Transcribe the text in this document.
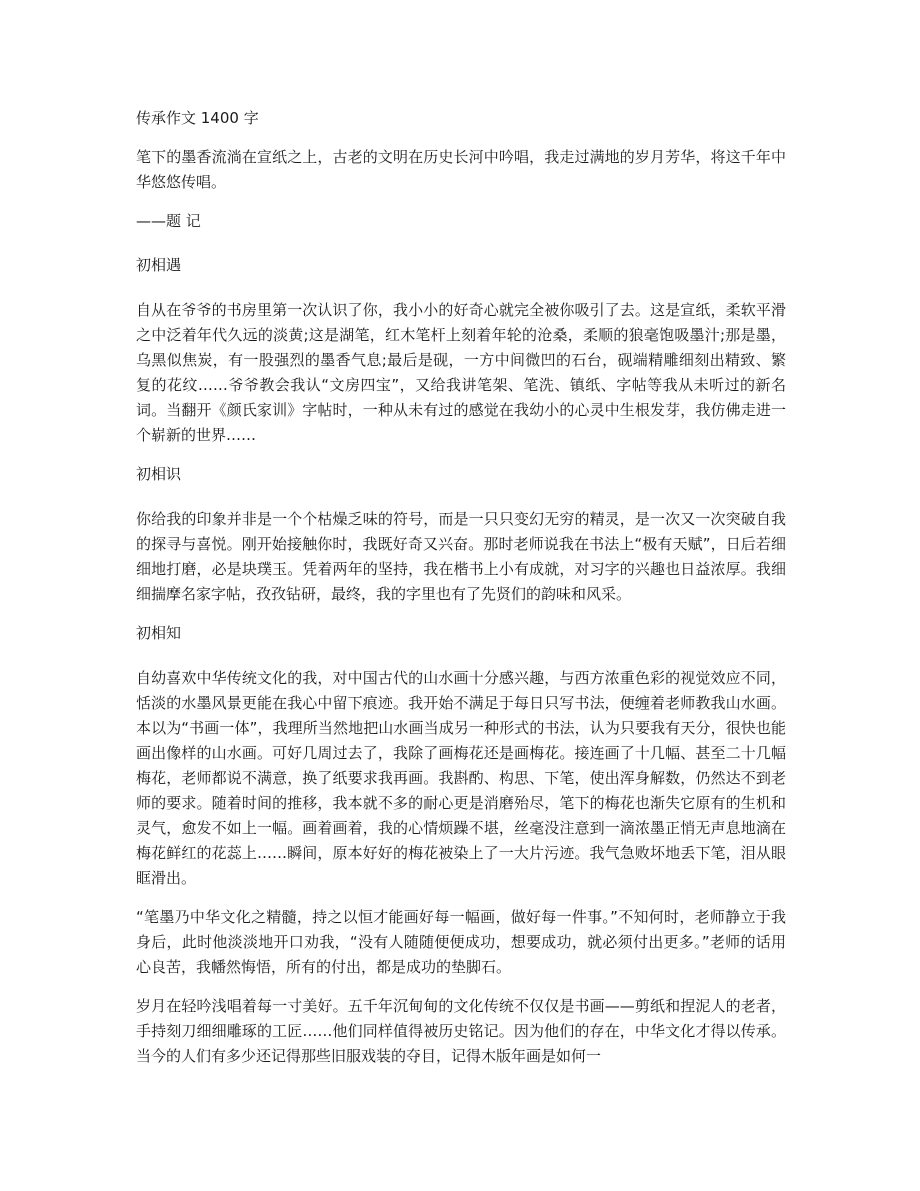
传承作文 1400 字

笔下的墨香流淌在宣纸之上，古老的文明在历史长河中吟唱，我走过满地的岁月芳华，将这千年中华悠悠传唱。

——题 记

初相遇

自从在爷爷的书房里第一次认识了你，我小小的好奇心就完全被你吸引了去。这是宣纸，柔软平滑之中泛着年代久远的淡黄;这是湖笔，红木笔杆上刻着年轮的沧桑，柔顺的狼毫饱吸墨汁;那是墨，乌黑似焦炭，有一股强烈的墨香气息;最后是砚，一方中间微凹的石台，砚端精雕细刻出精致、繁复的花纹……爷爷教会我认“文房四宝”，又给我讲笔架、笔洗、镇纸、字帖等我从未听过的新名词。当翻开《颜氏家训》字帖时，一种从未有过的感觉在我幼小的心灵中生根发芽，我仿佛走进一个崭新的世界……

初相识

你给我的印象并非是一个个枯燥乏味的符号，而是一只只变幻无穷的精灵，是一次又一次突破自我的探寻与喜悦。刚开始接触你时，我既好奇又兴奋。那时老师说我在书法上“极有天赋”，日后若细细地打磨，必是块璞玉。凭着两年的坚持，我在楷书上小有成就，对习字的兴趣也日益浓厚。我细细揣摩名家字帖，孜孜钻研，最终，我的字里也有了先贤们的韵味和风采。

初相知

自幼喜欢中华传统文化的我，对中国古代的山水画十分感兴趣，与西方浓重色彩的视觉效应不同，恬淡的水墨风景更能在我心中留下痕迹。我开始不满足于每日只写书法，便缠着老师教我山水画。本以为“书画一体”，我理所当然地把山水画当成另一种形式的书法，认为只要我有天分，很快也能画出像样的山水画。可好几周过去了，我除了画梅花还是画梅花。接连画了十几幅、甚至二十几幅梅花，老师都说不满意，换了纸要求我再画。我斟酌、构思、下笔，使出浑身解数，仍然达不到老师的要求。随着时间的推移，我本就不多的耐心更是消磨殆尽，笔下的梅花也渐失它原有的生机和灵气，愈发不如上一幅。画着画着，我的心情烦躁不堪，丝毫没注意到一滴浓墨正悄无声息地滴在梅花鲜红的花蕊上……瞬间，原本好好的梅花被染上了一大片污迹。我气急败坏地丢下笔，泪从眼眶滑出。

“笔墨乃中华文化之精髓，持之以恒才能画好每一幅画，做好每一件事。”不知何时，老师静立于我身后，此时他淡淡地开口劝我，“没有人随随便便成功，想要成功，就必须付出更多。”老师的话用心良苦，我幡然悔悟，所有的付出，都是成功的垫脚石。

岁月在轻吟浅唱着每一寸美好。五千年沉甸甸的文化传统不仅仅是书画——剪纸和捏泥人的老者，手持刻刀细细雕琢的工匠……他们同样值得被历史铭记。因为他们的存在，中华文化才得以传承。当今的人们有多少还记得那些旧服戏装的夺目，记得木版年画是如何一
